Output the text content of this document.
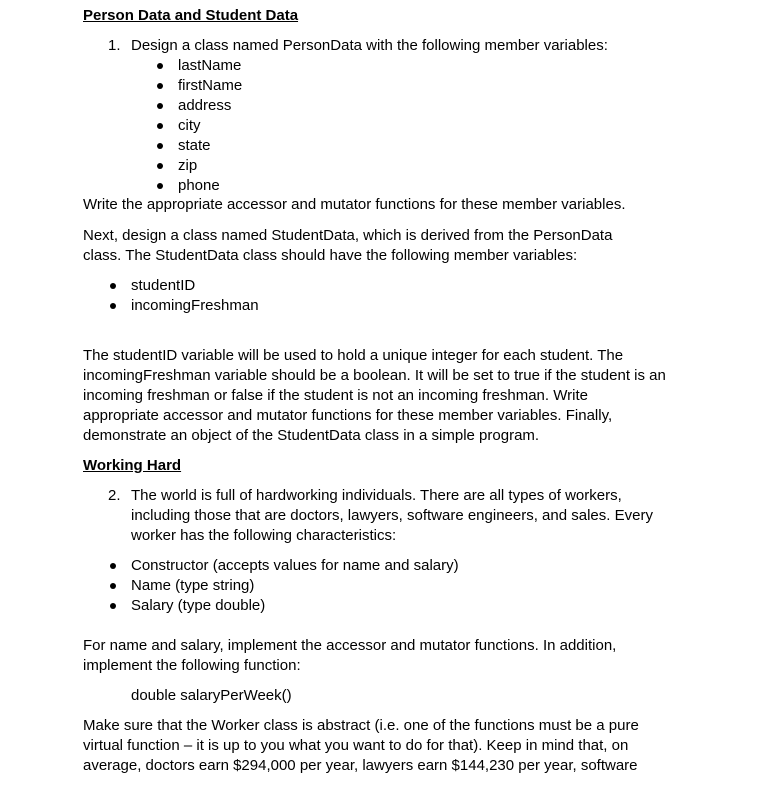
Person Data and Student Data
1. Design a class named PersonData with the following member variables:
lastName
firstName
address
city
state
zip
phone
Write the appropriate accessor and mutator functions for these member variables.
Next, design a class named StudentData, which is derived from the PersonData
class. The StudentData class should have the following member variables:
studentID
incomingFreshman
The studentID variable will be used to hold a unique integer for each student. The
incomingFreshman variable should be a boolean. It will be set to true if the student is an
incoming freshman or false if the student is not an incoming freshman. Write
appropriate accessor and mutator functions for these member variables. Finally,
demonstrate an object of the StudentData class in a simple program.
Working Hard
2. The world is full of hardworking individuals. There are all types of workers,
including those that are doctors, lawyers, software engineers, and sales. Every
worker has the following characteristics:
Constructor (accepts values for name and salary)
Name (type string)
Salary (type double)
For name and salary, implement the accessor and mutator functions. In addition,
implement the following function:
double salaryPerWeek()
Make sure that the Worker class is abstract (i.e. one of the functions must be a pure
virtual function – it is up to you what you want to do for that). Keep in mind that, on
average, doctors earn $294,000 per year, lawyers earn $144,230 per year, software
